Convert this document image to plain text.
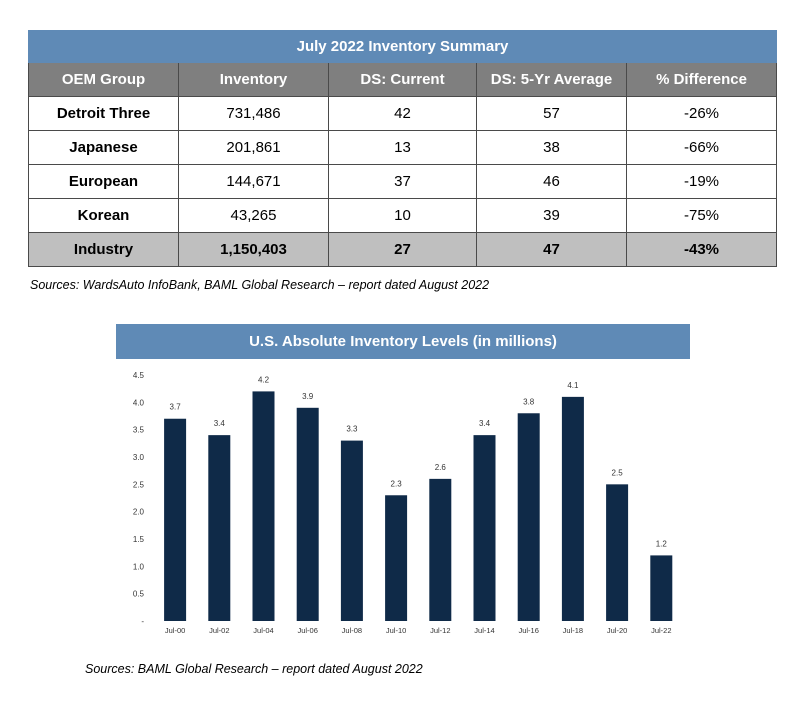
July 2022 Inventory Summary				
OEM Group	Inventory	DS: Current	DS: 5-Yr Average	% Difference
Detroit Three	731,486	42	57	-26%
Japanese	201,861	13	38	-66%
European	144,671	37	46	-19%
Korean	43,265	10	39	-75%
Industry	1,150,403	27	47	-43%
Sources: WardsAuto InfoBank, BAML Global Research – report dated August 2022
U.S. Absolute Inventory Levels (in millions)
-
0.5
1.0
1.5
2.0
2.5
3.0
3.5
4.0
4.5
3.7
3.4
4.2
3.9
3.3
2.3
2.6
3.4
3.8
4.1
2.5
1.2
Jul-00	Jul-02	Jul-04	Jul-06	Jul-08	Jul-10	Jul-12	Jul-14	Jul-16	Jul-18	Jul-20	Jul-22
Sources: BAML Global Research – report dated August 2022
